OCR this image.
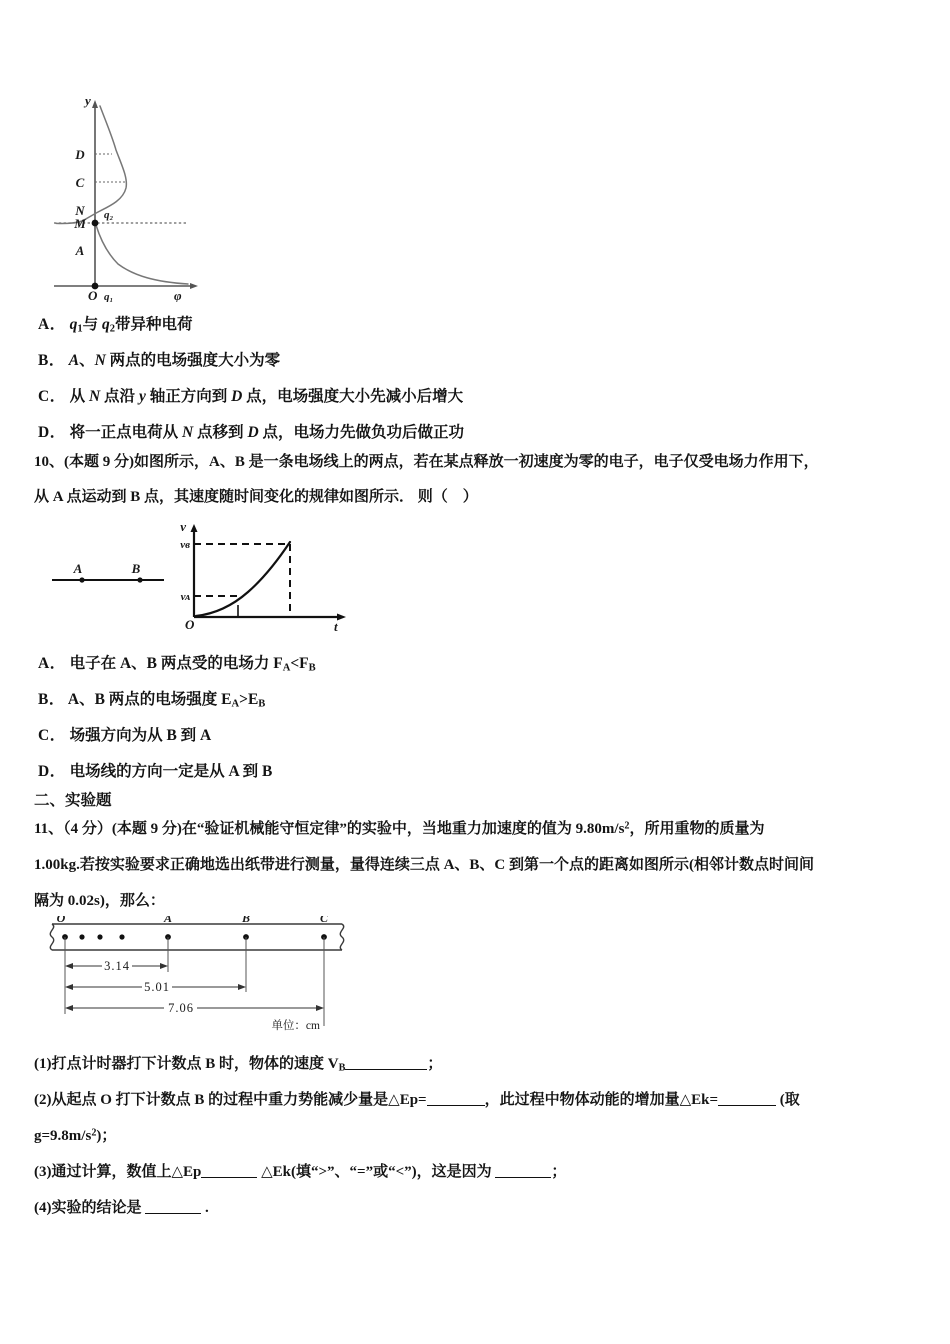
y
D
C
N
M
A
q₂
O q₁	φ
A． $q_1$与 $q_2$带异种电荷
B． A、N 两点的电场强度大小为零
C． 从 N 点沿 y 轴正方向到 D 点，电场强度大小先减小后增大
D． 将一正点电荷从 N 点移到 D 点，电场力先做负功后做正功
10、(本题 9 分)如图所示，A、B 是一条电场线上的两点，若在某点释放一初速度为零的电子，电子仅受电场力作用下，
从 A 点运动到 B 点，其速度随时间变化的规律如图所示． 则（　）
A	B
v
vв
vᴀ
O	t
A． 电子在 A、B 两点受的电场力 $F_A<F_B$
B． A、B 两点的电场强度 $E_A>E_B$
C． 场强方向为从 B 到 A
D． 电场线的方向一定是从 A 到 B
二、实验题
11、（4 分）(本题 9 分)在“验证机械能守恒定律”的实验中，当地重力加速度的值为 $9.80m/s^2$，所用重物的质量为
1.00kg.若按实验要求正确地选出纸带进行测量，量得连续三点 A、B、C 到第一个点的距离如图所示(相邻计数点时间间
隔为 0.02s)，那么：
O	A	B	C
3.14
5.01
7.06
单位：cm
(1)打点计时器打下计数点 B 时，物体的速度 $V_B$	；
(2)从起点 O 打下计数点 B 的过程中重力势能减少量是△Ep=	，此过程中物体动能的增加量△Ek=	(取
$g=9.8m/s^2$)；
(3)通过计算，数值上△Ep	△Ek(填“>”、“=”或“<”)，这是因为	；
(4)实验的结论是	.
